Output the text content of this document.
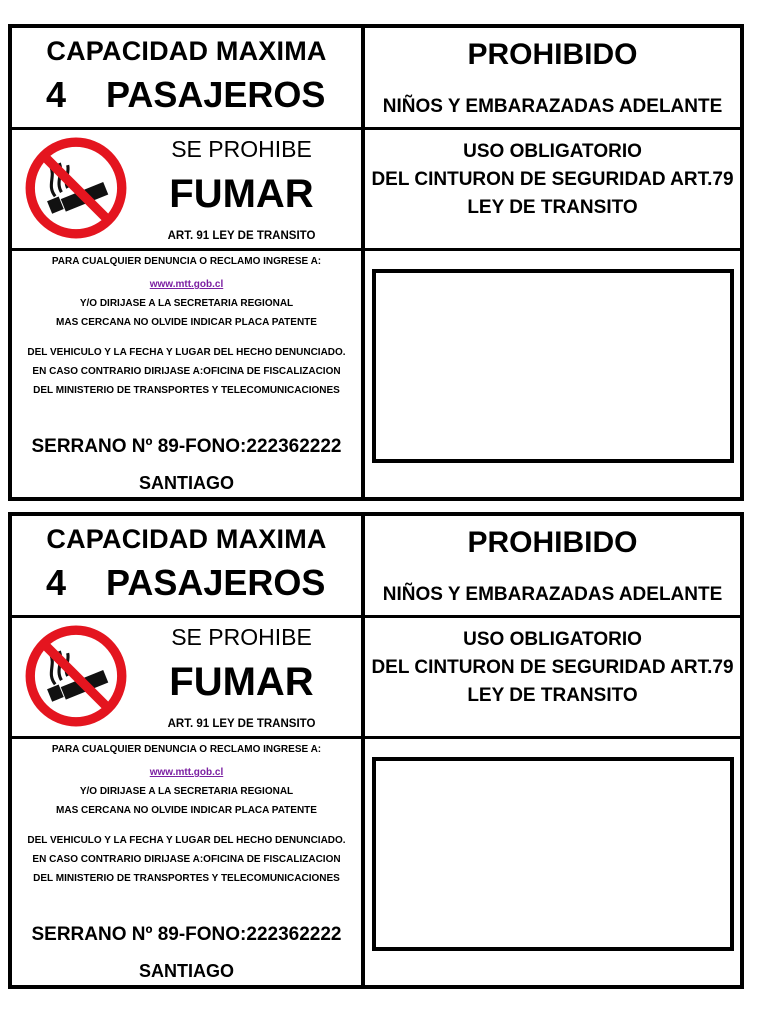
CAPACIDAD MAXIMA
4 PASAJEROS
PROHIBIDO
NIÑOS Y EMBARAZADAS ADELANTE
SE PROHIBE
FUMAR
ART. 91 LEY DE TRANSITO
USO OBLIGATORIO
DEL CINTURON DE SEGURIDAD ART.79
LEY DE TRANSITO
PARA CUALQUIER DENUNCIA O RECLAMO INGRESE A:
www.mtt.gob.cl
Y/O DIRIJASE A LA SECRETARIA REGIONAL
MAS CERCANA NO OLVIDE INDICAR PLACA PATENTE
DEL VEHICULO Y LA FECHA Y LUGAR DEL HECHO DENUNCIADO.
EN CASO CONTRARIO DIRIJASE A:OFICINA DE FISCALIZACION
DEL MINISTERIO DE TRANSPORTES Y TELECOMUNICACIONES
SERRANO Nº 89-FONO:222362222
SANTIAGO
CAPACIDAD MAXIMA
4 PASAJEROS
PROHIBIDO
NIÑOS Y EMBARAZADAS ADELANTE
SE PROHIBE
FUMAR
ART. 91 LEY DE TRANSITO
USO OBLIGATORIO
DEL CINTURON DE SEGURIDAD ART.79
LEY DE TRANSITO
PARA CUALQUIER DENUNCIA O RECLAMO INGRESE A:
www.mtt.gob.cl
Y/O DIRIJASE A LA SECRETARIA REGIONAL
MAS CERCANA NO OLVIDE INDICAR PLACA PATENTE
DEL VEHICULO Y LA FECHA Y LUGAR DEL HECHO DENUNCIADO.
EN CASO CONTRARIO DIRIJASE A:OFICINA DE FISCALIZACION
DEL MINISTERIO DE TRANSPORTES Y TELECOMUNICACIONES
SERRANO Nº 89-FONO:222362222
SANTIAGO
